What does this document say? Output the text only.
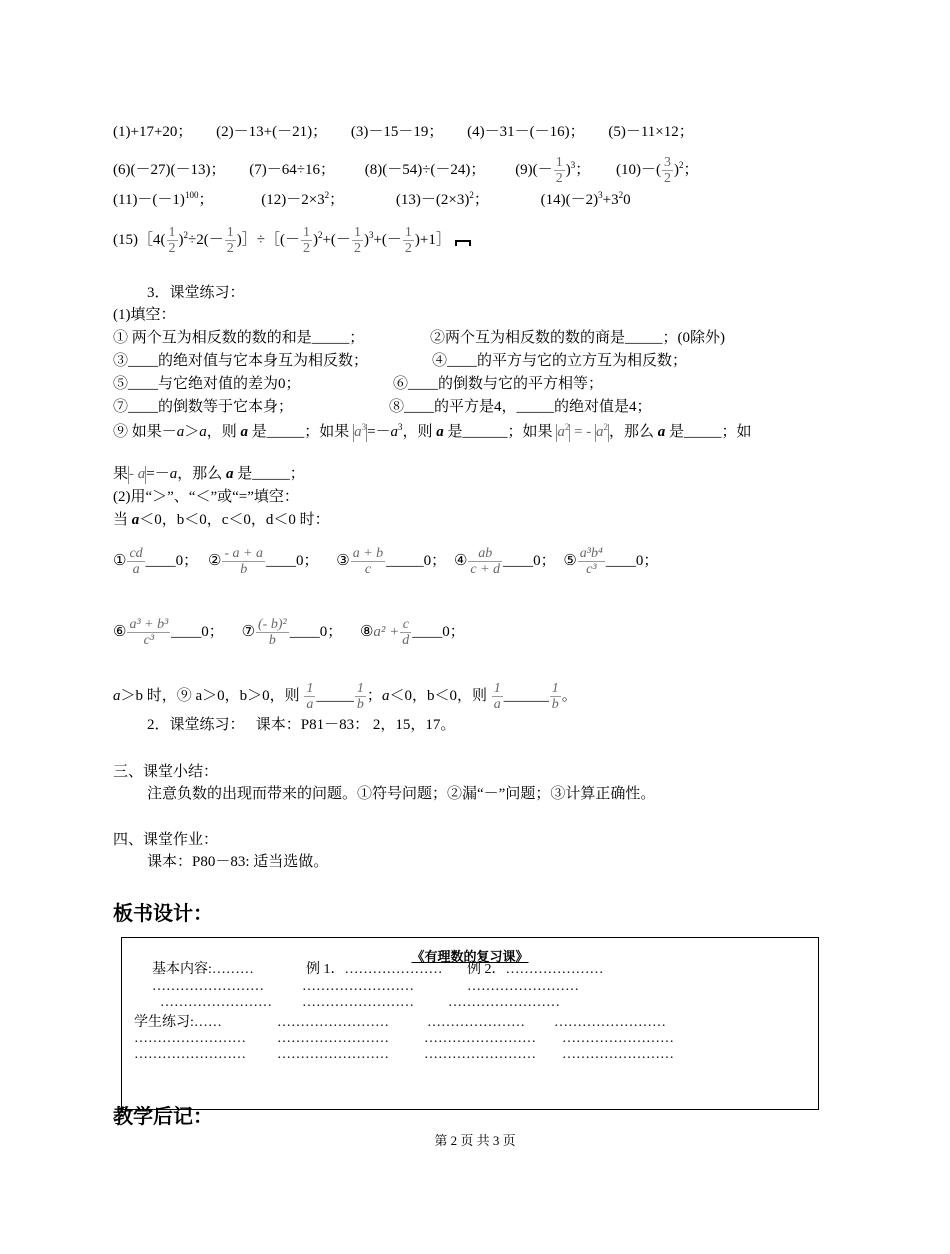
(1)+17+20； (2)－13+(－21)； (3)－15－19； (4)－31－(－16)； (5)－11×12；
(6)(－27)(－13)； (7)－64÷16； (8)(－54)÷(－24)； $(9)(- \frac{1}{2} )^3$； $(10)-( \frac{3}{2} )^2$；
$(11)-(-1)^{100}$；	$(12)-2\times 3^2$；	$(13)-(2\times 3)^2$；	$(14)(-2)^3+3^20$
(15)［4( $\frac{1}{2} )^2\div 2(- \frac{1}{2}$ )］÷［(－ $\frac{1}{2} )^2+(- \frac{1}{2} )^3+(- \frac{1}{2}$ )+1］
3．课堂练习：
(1)填空：
① 两个互为相反数的数的和是_____；	②两个互为相反数的数的商是_____；(0除外)
③____的绝对值与它本身互为相反数；	④____的平方与它的立方互为相反数；
⑤____与它绝对值的差为0；	⑥____的倒数与它的平方相等；
⑦____的倒数等于它本身；	⑧____的平方是4，_____的绝对值是4；
⑨ 如果－a＞a，则 a 是_____；如果 $a^3=-a^3$，则 a 是______；如果 $a^2$ = - $a^2$，那么 a 是_____；如
果- a=－a，那么 a 是_____；
(2)用“＞”、“＜”或“=”填空：
当 a＜0，b＜0，c＜0，d＜0 时：
① $\frac{cd}{a}$ ____0； ② $\frac{- a + a}{b}$ ____0； ③ $\frac{a + b}{c}$ _____0； ④ $\frac{ab}{c + d}$ ____0； ⑤ $\frac{\text{a³b⁴}}{\text{c³}}$ ____0；
⑥ $\frac{\text{a³ + b³}}{\text{c³}}$ ____0； ⑦ $\frac{\text{(- b)²}}{b}$ ____0； ⑧a² + $\frac{c}{d}$ ____0；
a＞b 时，⑨ a＞0，b＞0，则 $\frac{1}{a}$ _____ $\frac{1}{b}$ ；a＜0，b＜0，则 $\frac{1}{a}$ ______ $\frac{1}{b}$ 。
2．课堂练习：　 课本：P81－83： 2，15，17。
三、课堂小结：
注意负数的出现而带来的问题。①符号问题；②漏“－”问题；③计算正确性。
四、课堂作业：
课本：P80－83: 适当选做。
板书设计：
《有理数的复习课》
基本内容:………	例 1．………………… 例 2．…………………
……………………	……………………	……………………
…………………… …………………… ……………………
学生练习:……	……………………	………………… ……………………
…………………… ……………………	…………………… ……………………
…………………… ……………………	…………………… ……………………
教学后记：
第 2 页 共 3 页
